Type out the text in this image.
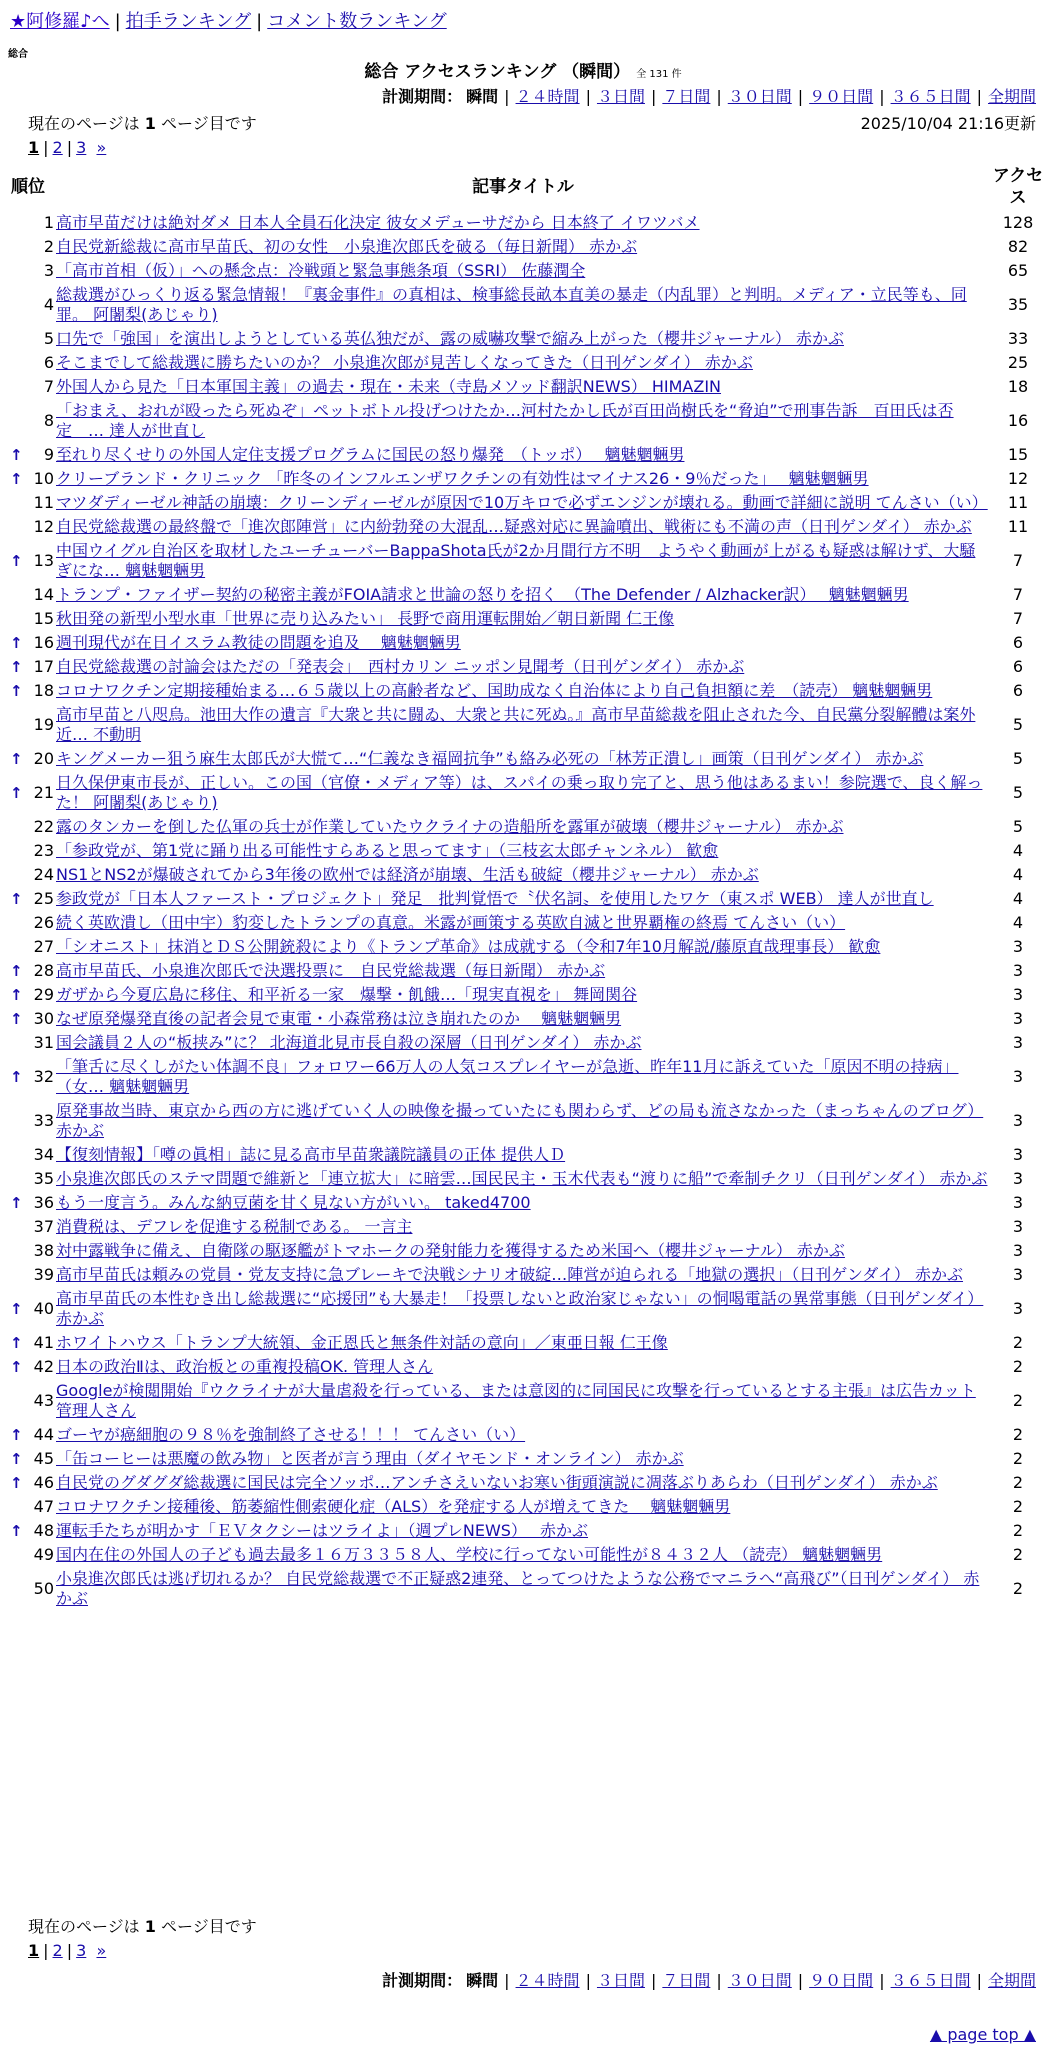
★阿修羅♪へ | 拍手ランキング | コメント数ランキング
総合
総合 アクセスランキング （瞬間） 全 131 件
計測期間： 瞬間 | ２４時間 | ３日間 | ７日間 | ３０日間 | ９０日間 | ３６５日間 | 全期間
現在のページは 1 ページ目です	2025/10/04 21:16更新
1 | 2 | 3 »
順位	記事タイトル	アクセス
1	高市早苗だけは絶対ダメ 日本人全員石化決定 彼女メデューサだから 日本終了 イワツバメ	128
2	自民党新総裁に高市早苗氏、初の女性　小泉進次郎氏を破る（毎日新聞） 赤かぶ	82
3	「高市首相（仮）」への懸念点：冷戦頭と緊急事態条項（SSRI） 佐藤潤全	65
4	総裁選がひっくり返る緊急情報！『裏金事件』の真相は、検事総長畝本直美の暴走（内乱罪）と判明。メディア・立民等も、同罪。 阿闍梨(あじゃり)	35
5	口先で「強国」を演出しようとしている英仏独だが、露の威嚇攻撃で縮み上がった（櫻井ジャーナル） 赤かぶ	33
6	そこまでして総裁選に勝ちたいのか？ 小泉進次郎が見苦しくなってきた（日刊ゲンダイ） 赤かぶ	25
7	外国人から見た「日本軍国主義」の過去・現在・未来（寺島メソッド翻訳NEWS） HIMAZIN	18
8	「おまえ、おれが殴ったら死ぬぞ」ペットボトル投げつけたか…河村たかし氏が百田尚樹氏を“脅迫”で刑事告訴　百田氏は否定　… 達人が世直し	16

↑ 9	至れり尽くせりの外国人定住支援プログラムに国民の怒り爆発　（トッポ）　 魑魅魍魎男	15

↑ 10	クリーブランド・クリニック 「昨冬のインフルエンザワクチンの有効性はマイナス26・9％だった」　 魑魅魍魎男	12
11	マツダディーゼル神話の崩壊：クリーンディーゼルが原因で10万キロで必ずエンジンが壊れる。動画で詳細に説明 てんさい（い）	11
12	自民党総裁選の最終盤で「進次郎陣営」に内紛勃発の大混乱…疑惑対応に異論噴出、戦術にも不満の声（日刊ゲンダイ） 赤かぶ	11

↑ 13	中国ウイグル自治区を取材したユーチューバーBappaShota氏が2か月間行方不明　ようやく動画が上がるも疑惑は解けず、大騒ぎにな… 魑魅魍魎男	7
14	トランプ・ファイザー契約の秘密主義がFOIA請求と世論の怒りを招く　（The Defender / Alzhacker訳）　 魑魅魍魎男	7
15	秋田発の新型小型水車「世界に売り込みたい」 長野で商用運転開始／朝日新聞 仁王像	7

↑ 16	週刊現代が在日イスラム教徒の問題を追及　 魑魅魍魎男	6

↑ 17	自民党総裁選の討論会はただの「発表会」　西村カリン ニッポン見聞考（日刊ゲンダイ） 赤かぶ	6

↑ 18	コロナワクチン定期接種始まる…６５歳以上の高齢者など、国助成なく自治体により自己負担額に差　（読売） 魑魅魍魎男	6
19	高市早苗と八咫烏。池田大作の遺言『大衆と共に闘ゐ、大衆と共に死ぬ。』高市早苗総裁を阻止された今、自民黨分裂解體は案外近… 不動明	5

↑ 20	キングメーカー狙う麻生太郎氏が大慌て…“仁義なき福岡抗争”も絡み必死の「林芳正潰し」画策（日刊ゲンダイ） 赤かぶ	5

↑ 21	日久保伊東市長が、正しい。この国（官僚・メディア等）は、スパイの乗っ取り完了と、思う他はあるまい！参院選で、良く解った！ 阿闍梨(あじゃり)	5
22	露のタンカーを倒した仏軍の兵士が作業していたウクライナの造船所を露軍が破壊（櫻井ジャーナル） 赤かぶ	5
23	「参政党が、第1党に踊り出る可能性すらあると思ってます」（三枝玄太郎チャンネル） 歓愈	4
24	NS1とNS2が爆破されてから3年後の欧州では経済が崩壊、生活も破綻（櫻井ジャーナル） 赤かぶ	4

↑ 25	参政党が「日本人ファースト・プロジェクト」発足　批判覚悟で〝伏名詞〟を使用したワケ（東スポ WEB） 達人が世直し	4
26	続く英欧潰し（田中宇）豹変したトランプの真意。米露が画策する英欧自滅と世界覇権の終焉 てんさい（い）	4
27	「シオニスト」抹消とＤＳ公開銃殺により《トランプ革命》は成就する（令和7年10月解説/藤原直哉理事長） 歓愈	3

↑ 28	高市早苗氏、小泉進次郎氏で決選投票に　自民党総裁選（毎日新聞） 赤かぶ	3

↑ 29	ガザから今夏広島に移住、和平祈る一家　爆撃・飢餓…「現実直視を」 舞岡関谷	3

↑ 30	なぜ原発爆発直後の記者会見で東電・小森常務は泣き崩れたのか　 魑魅魍魎男	3
31	国会議員２人の“板挟み”に？ 北海道北見市長自殺の深層（日刊ゲンダイ） 赤かぶ	3

↑ 32	「筆舌に尽くしがたい体調不良」フォロワー66万人の人気コスプレイヤーが急逝、昨年11月に訴えていた「原因不明の持病」（女… 魑魅魍魎男	3
33	原発事故当時、東京から西の方に逃げていく人の映像を撮っていたにも関わらず、どの局も流さなかった（まっちゃんのブログ） 赤かぶ	3
34	【復刻情報】「噂の眞相」誌に見る高市早苗衆議院議員の正体 提供人Ｄ	3
35	小泉進次郎氏のステマ問題で維新と「連立拡大」に暗雲…国民民主・玉木代表も“渡りに船”で牽制チクリ（日刊ゲンダイ） 赤かぶ	3

↑ 36	もう一度言う。みんな納豆菌を甘く見ない方がいい。 taked4700	3
37	消費税は、デフレを促進する税制である。 一言主	3
38	対中露戦争に備え、自衛隊の駆逐艦がトマホークの発射能力を獲得するため米国へ（櫻井ジャーナル） 赤かぶ	3
39	高市早苗氏は頼みの党員・党友支持に急ブレーキで決戦シナリオ破綻…陣営が迫られる「地獄の選択」（日刊ゲンダイ） 赤かぶ	3

↑ 40	高市早苗氏の本性むき出し総裁選に“応援団”も大暴走！「投票しないと政治家じゃない」の恫喝電話の異常事態（日刊ゲンダイ） 赤かぶ	3

↑ 41	ホワイトハウス「トランプ大統領、金正恩氏と無条件対話の意向」／東亜日報 仁王像	2

↑ 42	日本の政治Ⅱは、政治板との重複投稿OK. 管理人さん	2
43	Googleが検閲開始『ウクライナが大量虐殺を行っている、または意図的に同国民に攻撃を行っているとする主張』は広告カット 管理人さん	2

↑ 44	ゴーヤが癌細胞の９８％を強制終了させる！！！ てんさい（い）	2

↑ 45	「缶コーヒーは悪魔の飲み物」と医者が言う理由（ダイヤモンド・オンライン） 赤かぶ	2

↑ 46	自民党のグダグダ総裁選に国民は完全ソッポ…アンチさえいないお寒い街頭演説に凋落ぶりあらわ（日刊ゲンダイ） 赤かぶ	2
47	コロナワクチン接種後、筋萎縮性側索硬化症（ALS）を発症する人が増えてきた　 魑魅魍魎男	2

↑ 48	運転手たちが明かす「ＥＶタクシーはツライよ」（週プレNEWS）　 赤かぶ	2
49	国内在住の外国人の子ども過去最多１６万３３５８人、学校に行ってない可能性が８４３２人 （読売） 魑魅魍魎男	2
50	小泉進次郎氏は逃げ切れるか？ 自民党総裁選で不正疑惑2連発、とってつけたような公務でマニラへ“高飛び”（日刊ゲンダイ） 赤かぶ	2
現在のページは 1 ページ目です
1 | 2 | 3 »
計測期間： 瞬間 | ２４時間 | ３日間 | ７日間 | ３０日間 | ９０日間 | ３６５日間 | 全期間
▲ page top ▲
